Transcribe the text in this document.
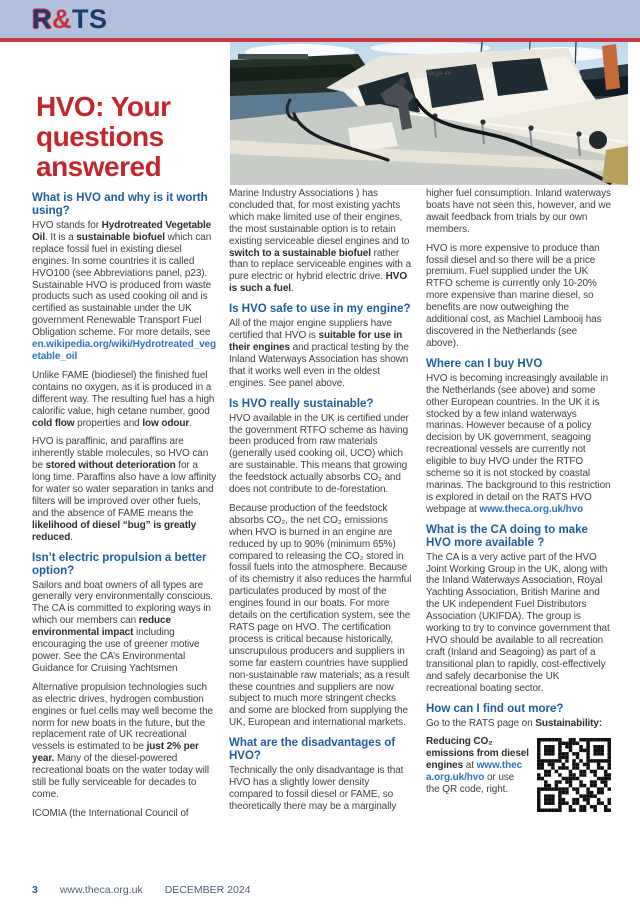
R&TS
Targa 46
HVO: Your questions answered
What is HVO and why is it worth using?

HVO stands for Hydrotreated Vegetable Oil. It is a sustainable biofuel which can replace fossil fuel in existing diesel engines. In some countries it is called HVO100 (see Abbreviations panel, p23). Sustainable HVO is produced from waste products such as used cooking oil and is certified as sustainable under the UK government Renewable Transport Fuel Obligation scheme. For more details, see en.wikipedia.org/wiki/Hydrotreated_vegetable_oil

Unlike FAME (biodiesel) the finished fuel contains no oxygen, as it is produced in a different way. The resulting fuel has a high calorific value, high cetane number, good cold flow properties and low odour.

HVO is paraffinic, and paraffins are inherently stable molecules, so HVO can be stored without deterioration for a long time. Paraffins also have a low affinity for water so water separation in tanks and filters will be improved over other fuels, and the absence of FAME means the likelihood of diesel “bug” is greatly reduced.

Isn’t electric propulsion a better option?

Sailors and boat owners of all types are generally very environmentally conscious. The CA is committed to exploring ways in which our members can reduce environmental impact including encouraging the use of greener motive power. See the CA’s Environmental Guidance for Cruising Yachtsmen

Alternative propulsion technologies such as electric drives, hydrogen combustion engines or fuel cells may well become the norm for new boats in the future, but the replacement rate of UK recreational vessels is estimated to be just 2% per year. Many of the diesel-powered recreational boats on the water today will still be fully serviceable for decades to come.

ICOMIA (the International Council of

Marine Industry Associations ) has concluded that, for most existing yachts which make limited use of their engines, the most sustainable option is to retain existing serviceable diesel engines and to switch to a sustainable biofuel rather than to replace serviceable engines with a pure electric or hybrid electric drive. HVO is such a fuel.

Is HVO safe to use in my engine?

All of the major engine suppliers have certified that HVO is suitable for use in their engines and practical testing by the Inland Waterways Association has shown that it works well even in the oldest engines. See panel above.

Is HVO really sustainable?

HVO available in the UK is certified under the government RTFO scheme as having been produced from raw materials (generally used cooking oil, UCO) which are sustainable. This means that growing the feedstock actually absorbs CO₂ and does not contribute to de-forestation.

Because production of the feedstock absorbs CO₂, the net CO₂ emissions when HVO is burned in an engine are reduced by up to 90% (minimum 65%) compared to releasing the CO₂ stored in fossil fuels into the atmosphere. Because of its chemistry it also reduces the harmful particulates produced by most of the engines found in our boats. For more details on the certification system, see the RATS page on HVO. The certification process is critical because historically, unscrupulous producers and suppliers in some far eastern countries have supplied non-sustainable raw materials; as a result these countries and suppliers are now subject to much more stringent checks and some are blocked from supplying the UK, European and international markets.

What are the disadvantages of HVO?

Technically the only disadvantage is that HVO has a slightly lower density compared to fossil diesel or FAME, so theoretically there may be a marginally

higher fuel consumption. Inland waterways boats have not seen this, however, and we await feedback from trials by our own members.

HVO is more expensive to produce than fossil diesel and so there will be a price premium. Fuel supplied under the UK RTFO scheme is currently only 10-20% more expensive than marine diesel, so benefits are now outweighing the additional cost, as Machiel Lambooij has discovered in the Netherlands (see above).

Where can I buy HVO

HVO is becoming increasingly available in the Netherlands (see above) and some other European countries. In the UK it is stocked by a few inland waterways marinas. However because of a policy decision by UK government, seagoing recreational vessels are currently not eligible to buy HVO under the RTFO scheme so it is not stocked by coastal marinas. The background to this restriction is explored in detail on the RATS HVO webpage at www.theca.org.uk/hvo

What is the CA doing to make HVO more available ?

The CA is a very active part of the HVO Joint Working Group in the UK, along with the Inland Waterways Association, Royal Yachting Association, British Marine and the UK independent Fuel Distributors Association (UKIFDA). The group is working to try to convince government that HVO should be available to all recreation craft (Inland and Seagoing) as part of a transitional plan to rapidly, cost-effectively and safely decarbonise the UK recreational boating sector.

How can I find out more?

Go to the RATS page on Sustainability:

Reducing CO₂ emissions from diesel engines at www.theca.org.uk/hvo or use the QR code, right.

3 www.theca.org.uk DECEMBER 2024
